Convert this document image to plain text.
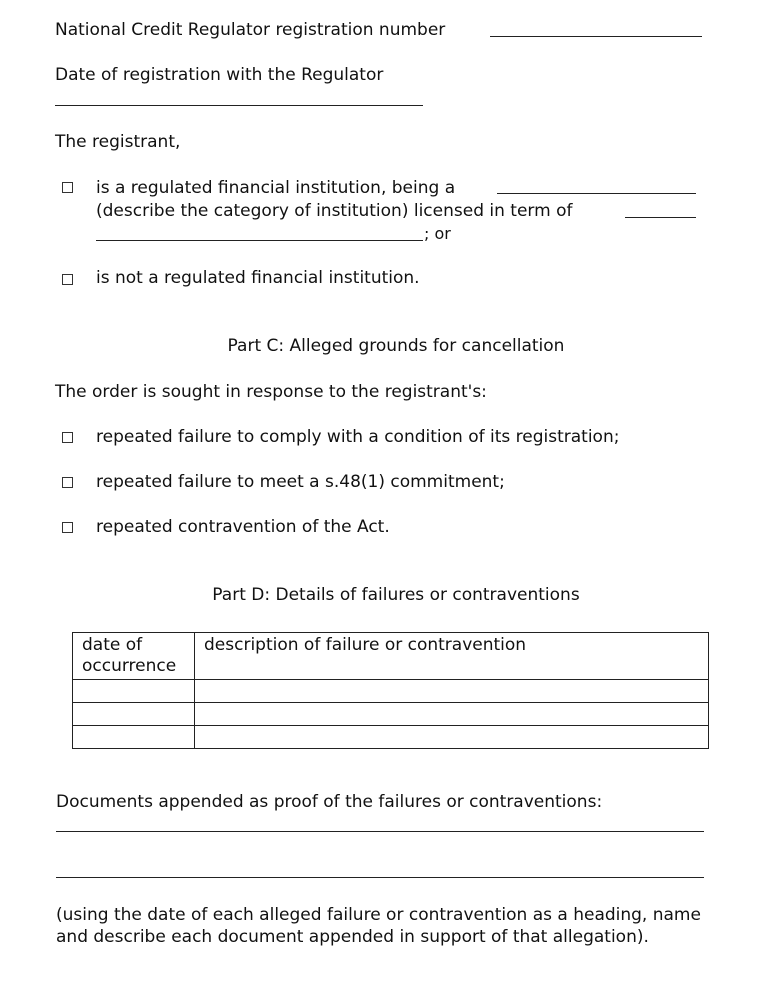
National Credit Regulator registration number
Date of registration with the Regulator
The registrant,
is a regulated financial institution, being a
(describe the category of institution) licensed in term of
; or
is not a regulated financial institution.
Part C: Alleged grounds for cancellation
The order is sought in response to the registrant's:
repeated failure to comply with a condition of its registration;
repeated failure to meet a s.48(1) commitment;
repeated contravention of the Act.
Part D: Details of failures or contraventions
date of
occurrence	description of failure or contravention

Documents appended as proof of the failures or contraventions:
(using the date of each alleged failure or contravention as a heading, name and describe each document appended in support of that allegation).
